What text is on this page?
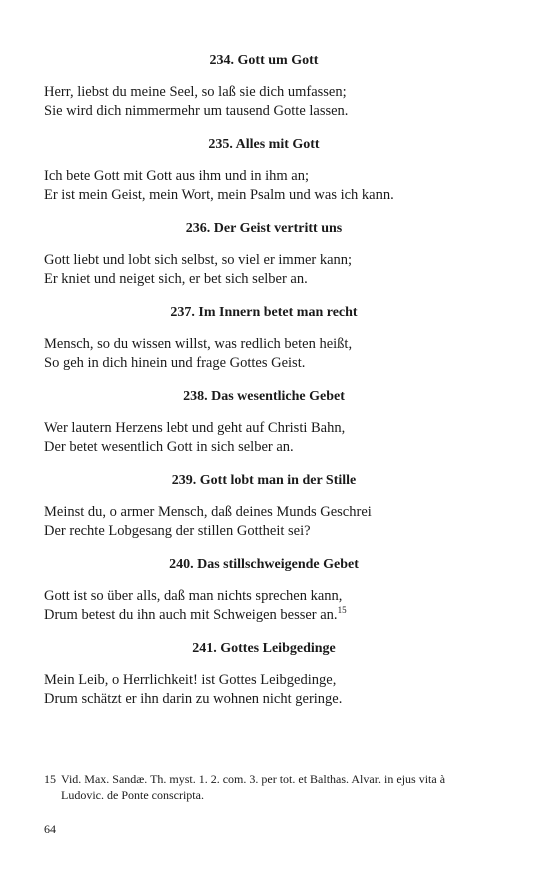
234. Gott um Gott
Herr, liebst du meine Seel, so laß sie dich umfassen;
Sie wird dich nimmermehr um tausend Gotte lassen.
235. Alles mit Gott
Ich bete Gott mit Gott aus ihm und in ihm an;
Er ist mein Geist, mein Wort, mein Psalm und was ich kann.
236. Der Geist vertritt uns
Gott liebt und lobt sich selbst, so viel er immer kann;
Er kniet und neiget sich, er bet sich selber an.
237. Im Innern betet man recht
Mensch, so du wissen willst, was redlich beten heißt,
So geh in dich hinein und frage Gottes Geist.
238. Das wesentliche Gebet
Wer lautern Herzens lebt und geht auf Christi Bahn,
Der betet wesentlich Gott in sich selber an.
239. Gott lobt man in der Stille
Meinst du, o armer Mensch, daß deines Munds Geschrei
Der rechte Lobgesang der stillen Gottheit sei?
240. Das stillschweigende Gebet
Gott ist so über alls, daß man nichts sprechen kann,
Drum betest du ihn auch mit Schweigen besser an.$^{15}$
241. Gottes Leibgedinge
Mein Leib, o Herrlichkeit! ist Gottes Leibgedinge,
Drum schätzt er ihn darin zu wohnen nicht geringe.
15 Vid. Max. Sandæ. Th. myst. 1. 2. com. 3. per tot. et Balthas. Alvar. in ejus vita à Ludovic. de Ponte conscripta.
64
